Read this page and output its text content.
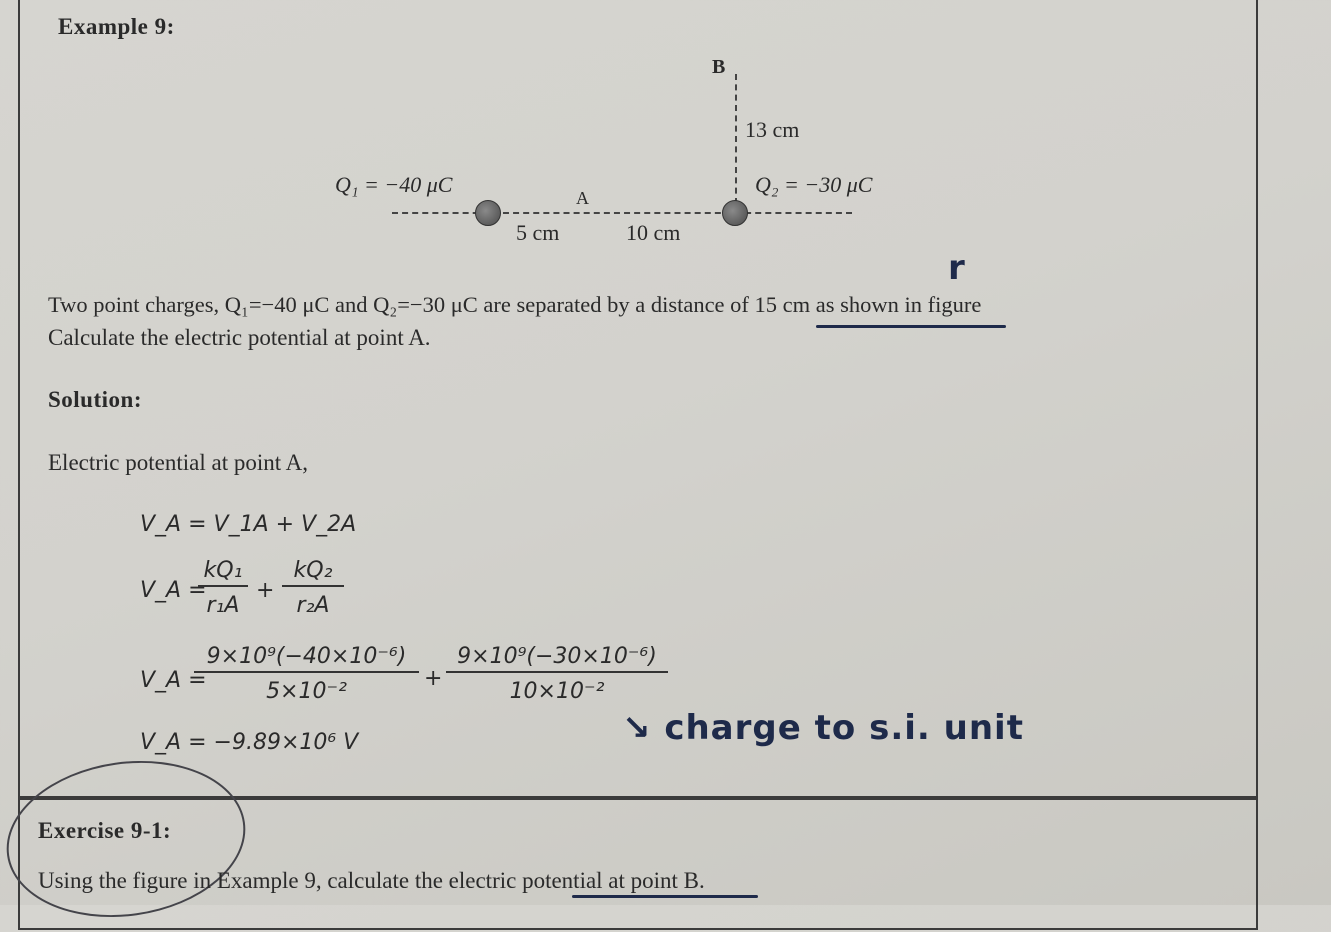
Example 9:
B
13 cm
Q₁ = −40 μC	Q₂ = −30 μC
A
5 cm	10 cm
r
Two point charges, Q₁=−40 μC and Q₂=−30 μC are separated by a distance of 15 cm as shown in figure
Calculate the electric potential at point A.
Solution:
Electric potential at point A,
V_A = V_1A + V_2A
V_A =
$\frac{\text{kQ₁}}{\text{r₁A}} + \frac{\text{kQ₂}}{\text{r₂A}}$
V_A =
$\frac{\text{9×10⁹(−40×10⁻⁶)}}{\text{5×10⁻²}} + \frac{\text{9×10⁹(−30×10⁻⁶)}}{\text{10×10⁻²}}$
↘ charge to s.i. unit
V_A = −9.89×10⁶ V
Exercise 9-1:
Using the figure in Example 9, calculate the electric potential at point B.
